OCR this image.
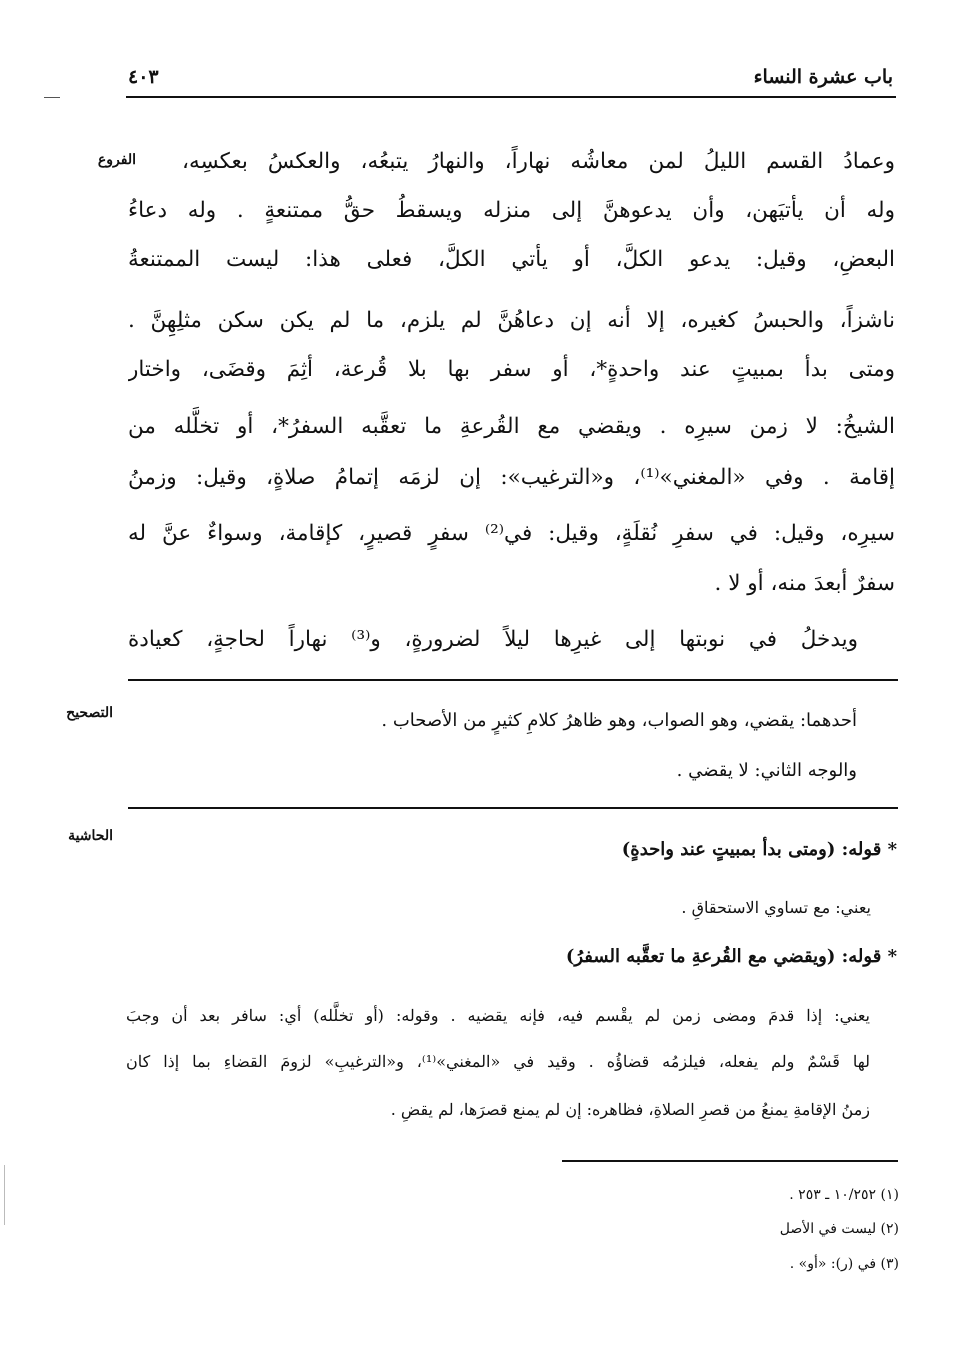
باب عشرة النساء
٤٠٣
الفروع
التصحيح
الحاشية
وعمادُ القسم الليلُ لمن معاشُه نهاراً، والنهارُ يتبعُه، والعكسُ بعكسِه،
وله أن يأتيَهن، وأن يدعوهنَّ إلى منزله ويسقطُ حقُّ ممتنعةٍ . وله دعاءُ
البعضِ، وقيل: يدعو الكلَّ، أو يأتي الكلَّ، فعلى هذا: ليست الممتنعةُ
ناشزاً، والحبسُ كغيره، إلا أنه إن دعاهُنَّ لم يلزم، ما لم يكن سكن مثلِهِنَّ .
ومتى بدأ بمبيتٍ عند واحدةٍ*، أو سفر بها بلا قُرعة، أثِمَ وقضَى، واختار
الشيخُ: لا زمن سيرِه . ويقضي مع القُرعةِ ما تعقَّبه السفرُ*، أو تخلَّله من
إقامة . وفي «المغني»⁽¹⁾، و«الترغيب»: إن لزمَه إتمامُ صلاةٍ، وقيل: وزمنُ
سيرِه، وقيل: في سفرِ نُقلَةٍ، وقيل: في⁽²⁾ سفرٍ قصيرٍ، كإقامة، وسواءٌ عنَّ له
سفرٌ أبعدَ منه، أو لا .
ويدخلُ في نوبتها إلى غيرِها ليلاً لضرورةٍ، و⁽³⁾ نهاراً لحاجةٍ، كعيادة
أحدهما: يقضي، وهو الصواب، وهو ظاهرُ كلامِ كثيرٍ من الأصحاب .
والوجه الثاني: لا يقضي .
* قوله: (ومتى بدأ بمبيتٍ عند واحدةٍ)
يعني: مع تساوي الاستحقاقِ .
* قوله: (ويقضي مع القُرعةِ ما تعقَّبه السفرُ)
يعني: إذا قدمَ ومضى زمن لم يقْسم فيه، فإنه يقضيه . وقوله: (أو تخلَّله) أي: سافر بعد أن وجبَ
لها قَسْمٌ ولم يفعله، فيلزمُه قضاؤُه . وقيد في «المغني»⁽¹⁾، و«الترغيبِ» لزومَ القضاءِ بما إذا كان
زمنُ الإقامةِ يمنعُ من قصرِ الصلاةِ، فظاهره: إن لم يمنع قصرَها، لم يقضِ .
(١) ١٠/٢٥٢ ـ ٢٥٣ .
(٢) ليست في الأصل
(٣) في (ر): «أو» .
